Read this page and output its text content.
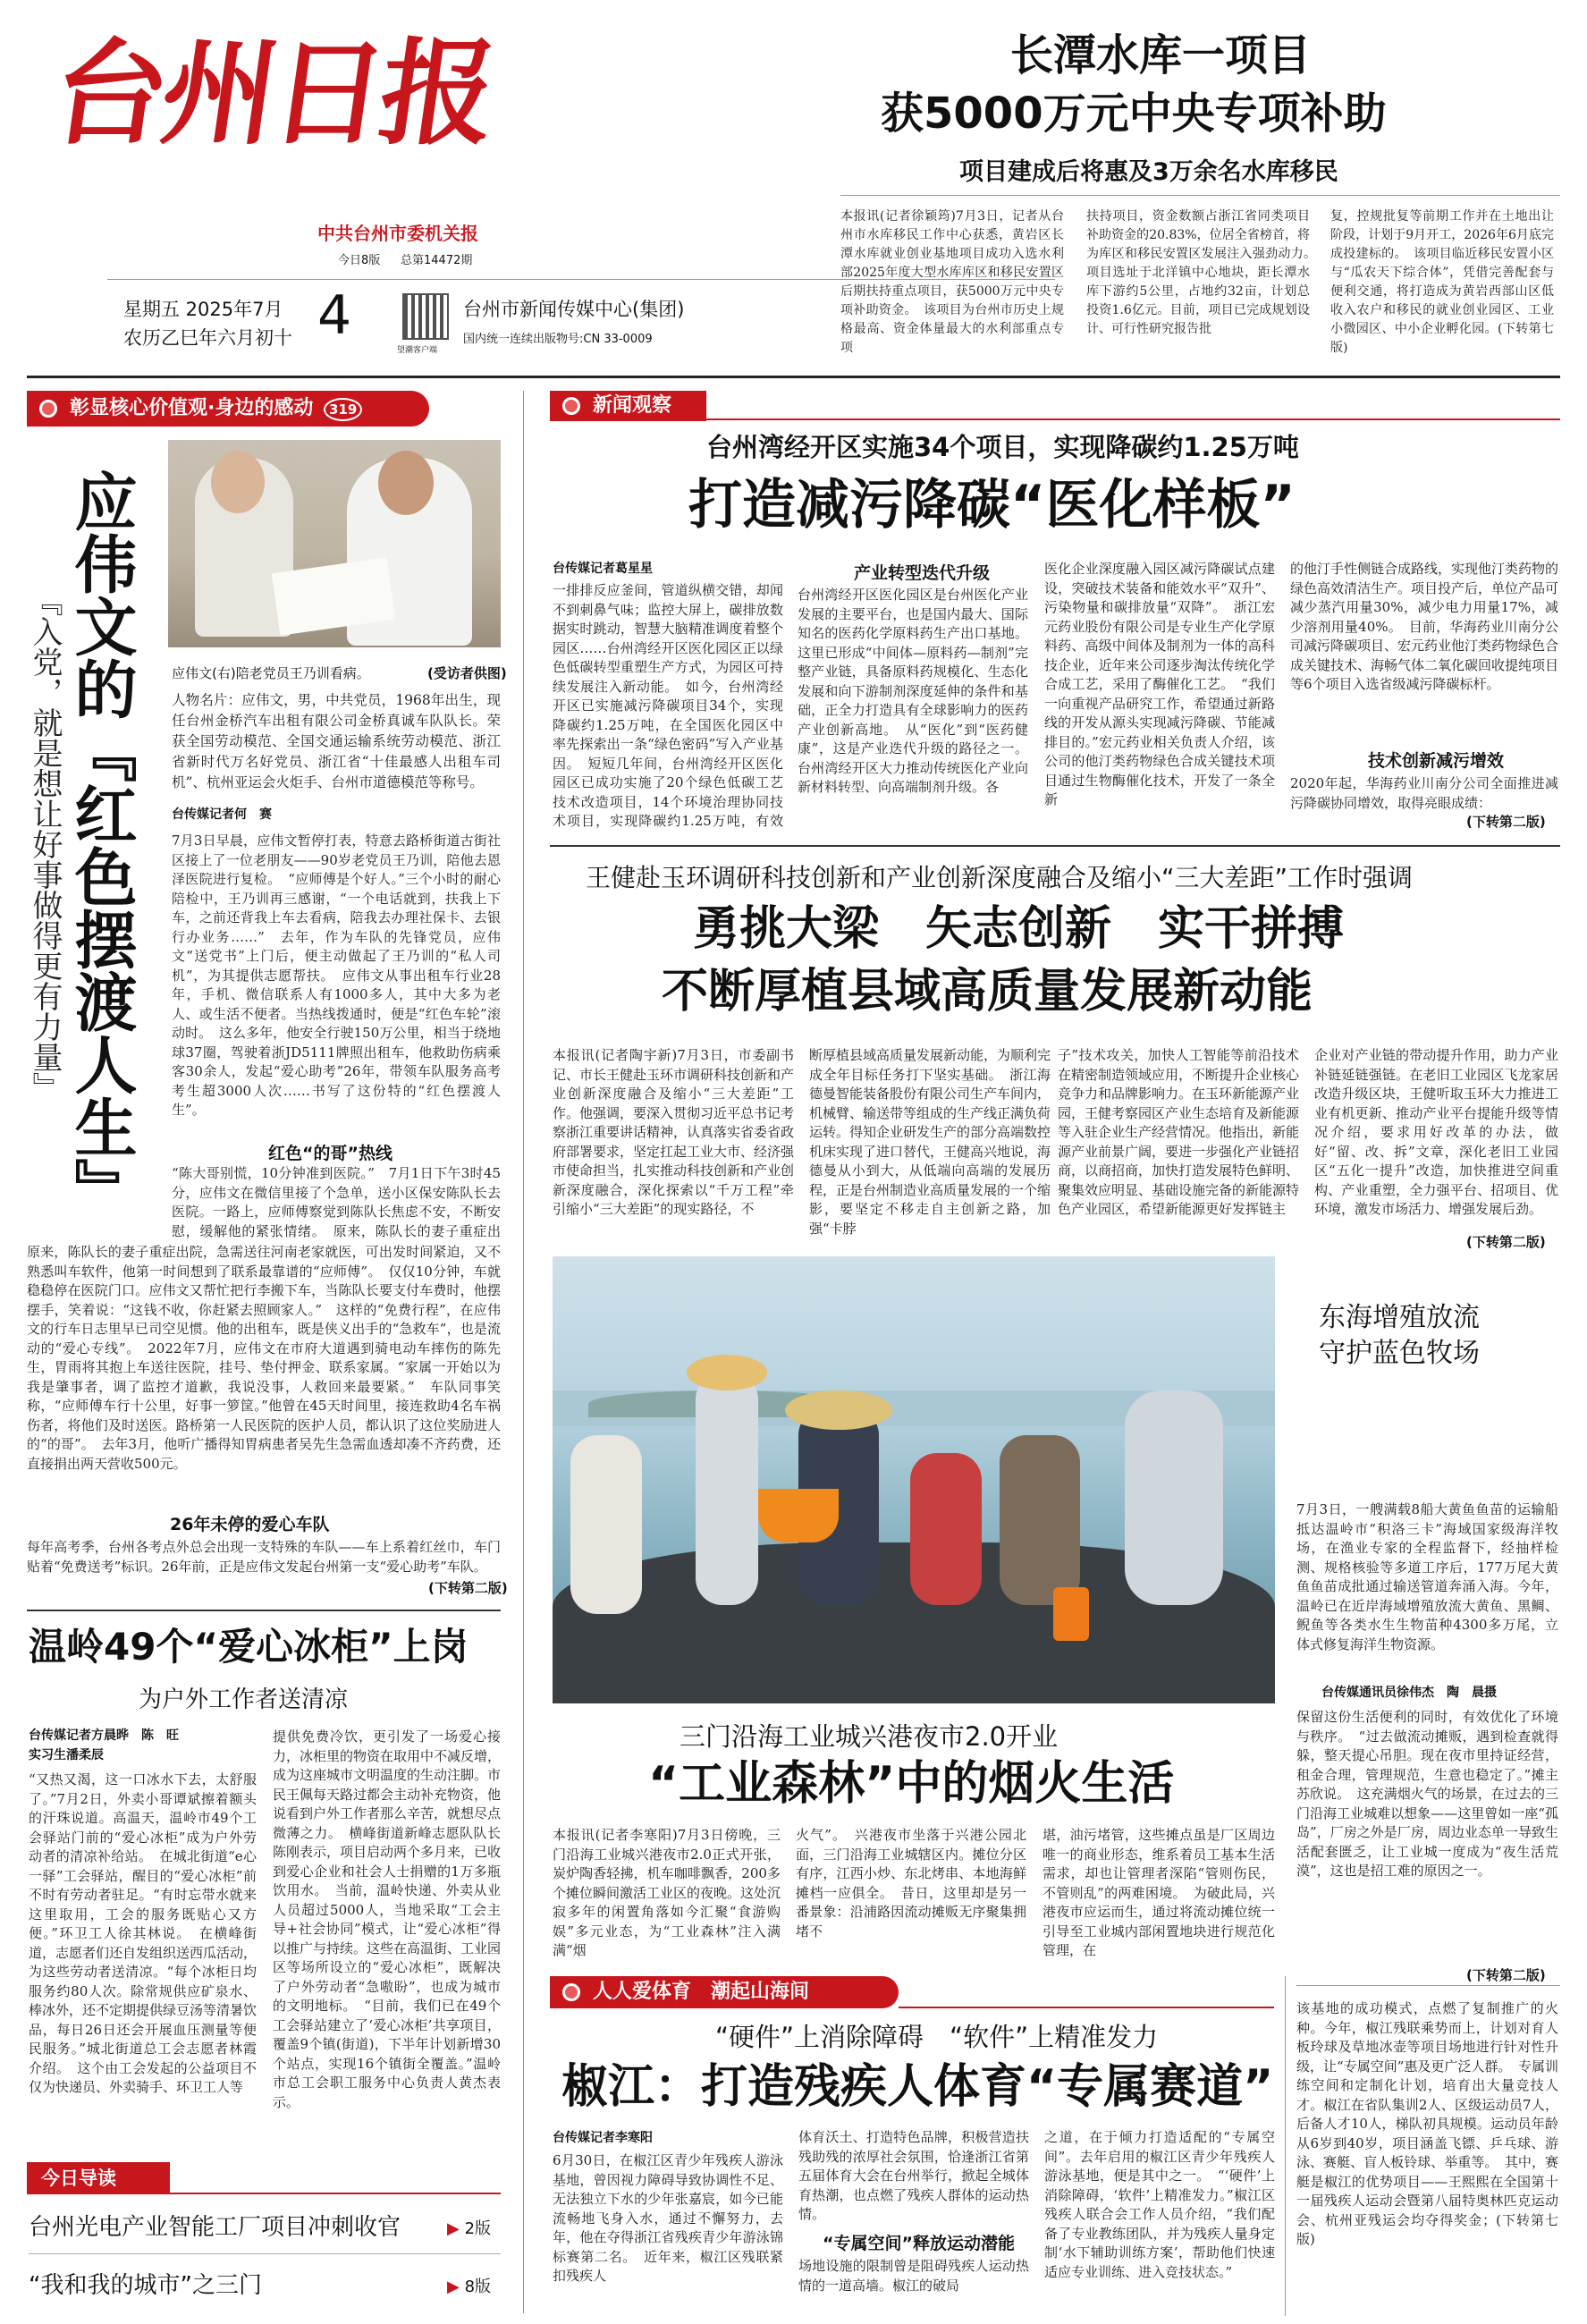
台州日报
中共台州市委机关报
今日8版 总第14472期
星期五 2025年7月
农历乙巳年六月初十 4
望潮客户端
台州市新闻传媒中心(集团)
国内统一连续出版物号:CN 33-0009
长潭水库一项目
获5000万元中央专项补助
项目建成后将惠及3万余名水库移民
本报讯(记者徐颖筠)7月3日，记者从台州市水库移民工作中心获悉，黄岩区长潭水库就业创业基地项目成功入选水利部2025年度大型水库库区和移民安置区后期扶持重点项目，获5000万元中央专项补助资金。　该项目为台州市历史上规格最高、资金体量最大的水利部重点专项
扶持项目，资金数额占浙江省同类项目补助资金的20.83%，位居全省榜首，将为库区和移民安置区发展注入强劲动力。　项目选址于北洋镇中心地块，距长潭水库下游约5公里，占地约32亩，计划总投资1.6亿元。目前，项目已完成规划设计、可行性研究报告批
复，控规批复等前期工作并在土地出让阶段，计划于9月开工，2026年6月底完成投建标的。　该项目临近移民安置小区与“瓜农天下综合体”，凭借完善配套与便利交通，将打造成为黄岩西部山区低收入农户和移民的就业创业园区、工业小微园区、中小企业孵化园。(下转第七版)
彰显核心价值观·身边的感动 319
应伟文的『红色摆渡人生』
『入党，就是想让好事做得更有力量』	应伟文(右)陪老党员王乃训看病。	(受访者供图)
人物名片：应伟文，男，中共党员，1968年出生，现任台州金桥汽车出租有限公司金桥真诚车队队长。荣获全国劳动模范、全国交通运输系统劳动模范、浙江省新时代万名好党员、浙江省“十佳最感人出租车司机”、杭州亚运会火炬手、台州市道德模范等称号。
台传媒记者何　赛
7月3日早晨，应伟文暂停打表，特意去路桥街道古街社区接上了一位老朋友——90岁老党员王乃训，陪他去恩泽医院进行复检。　“应师傅是个好人。”三个小时的耐心陪检中，王乃训再三感谢，“一个电话就到，扶我上下车，之前还背我上车去看病，陪我去办理社保卡、去银行办业务……”　去年，作为车队的先锋党员，应伟文“送党书”上门后，便主动做起了王乃训的“私人司机”，为其提供志愿帮扶。　应伟文从事出租车行业28年，手机、微信联系人有1000多人，其中大多为老人、或生活不便者。当热线拨通时，便是“红色车轮”滚动时。　这么多年，他安全行驶150万公里，相当于绕地球37圈，驾驶着浙JD5111牌照出租车，他救助伤病乘客30余人，发起“爱心助考”26年，带领车队服务高考考生超3000人次……书写了这份特的“红色摆渡人生”。
红色“的哥”热线
“陈大哥别慌，10分钟准到医院。”　7月1日下午3时45分，应伟文在微信里接了个急单，送小区保安陈队长去医院。一路上，应师傅察觉到陈队长焦虑不安，不断安慰，缓解他的紧张情绪。　原来，陈队长的妻子重症出　　　　　
原来，陈队长的妻子重症出院，急需送往河南老家就医，可出发时间紧迫，又不熟悉叫车软件，他第一时间想到了联系最靠谱的“应师傅”。　仅仅10分钟，车就稳稳停在医院门口。应伟文又帮忙把行李搬下车，当陈队长要支付车费时，他摆摆手，笑着说：“这钱不收，你赶紧去照顾家人。”　这样的“免费行程”，在应伟文的行车日志里早已司空见惯。他的出租车，既是侠义出手的“急救车”，也是流动的“爱心专线”。　2022年7月，应伟文在市府大道遇到骑电动车摔伤的陈先生，胃雨将其抱上车送往医院，挂号、垫付押金、联系家属。“家属一开始以为我是肇事者，调了监控才道歉，我说没事，人救回来最要紧。”　车队同事笑称，“应师傅车行十公里，好事一箩筐。”他曾在45天时间里，接连救助4名车祸伤者，将他们及时送医。路桥第一人民医院的医护人员，都认识了这位奖励进人的“的哥”。　去年3月，他听广播得知胃病患者吴先生急需血透却凑不齐药费，还直接捐出两天营收500元。
26年未停的爱心车队
每年高考季，台州各考点外总会出现一支特殊的车队——车上系着红丝巾，车门贴着“免费送考”标识。26年前，正是应伟文发起台州第一支“爱心助考”车队。
(下转第二版)
温岭49个“爱心冰柜”上岗
为户外工作者送清凉
台传媒记者方晨晔　陈　旺
实习生潘柔辰
“又热又渴，这一口冰水下去，太舒服了。”7月2日，外卖小哥谭斌擦着额头的汗珠说道。高温天，温岭市49个工会驿站门前的“爱心冰柜”成为户外劳动者的清凉补给站。　在城北街道“e心一驿”工会驿站，醒目的“爱心冰柜”前不时有劳动者驻足。“有时忘带水就来这里取用，工会的服务既贴心又方便。”环卫工人徐其林说。　在横峰街道，志愿者们还自发组织送西瓜活动，为这些劳动者送清凉。“每个冰柜日均服务约80人次。除常规供应矿泉水、棒冰外，还不定期提供绿豆汤等清暑饮品，每日26日还会开展血压测量等便民服务。”城北街道总工会志愿者林霞介绍。　这个由工会发起的公益项目不仅为快递员、外卖骑手、环卫工人等
提供免费冷饮，更引发了一场爱心接力，冰柜里的物资在取用中不减反增，成为这座城市文明温度的生动注脚。市民王佩每天路过都会主动补充物资，他说看到户外工作者那么辛苦，就想尽点微薄之力。　横峰街道新峰志愿队队长陈刚表示，项目启动两个多月来，已收到爱心企业和社会人士捐赠的1万多瓶饮用水。　当前，温岭快递、外卖从业人员超过5000人，当地采取“工会主导+社会协同”模式，让“爱心冰柜”得以推广与持续。这些在高温街、工业园区等场所设立的“爱心冰柜”，既解决了户外劳动者“急嗷盼”，也成为城市的文明地标。　“目前，我们已在49个工会驿站建立了‘爱心冰柜’共享项目，覆盖9个镇(街道)，下半年计划新增30个站点，实现16个镇街全覆盖。”温岭市总工会职工服务中心负责人黄杰表示。
今日导读
台州光电产业智能工厂项目冲刺收官	▶ 2版
“我和我的城市”之三门	▶ 8版
新闻观察
台州湾经开区实施34个项目，实现降碳约1.25万吨
打造减污降碳“医化样板”
台传媒记者葛星星
一排排反应釜间，管道纵横交错，却闻不到刺鼻气味；监控大屏上，碳排放数据实时跳动，智慧大脑精准调度着整个园区……台州湾经开区医化园区正以绿色低碳转型重塑生产方式，为园区可持续发展注入新动能。　如今，台州湾经开区已实施减污降碳项目34个，实现降碳约1.25万吨，在全国医化园区中率先探索出一条“绿色密码”写入产业基因。　短短几年间，台州湾经开区医化园区已成功实施了20个绿色低碳工艺技术改造项目，14个环境治理协同技术项目，实现降碳约1.25万吨，有效
产业转型迭代升级
台州湾经开区医化园区是台州医化产业发展的主要平台，也是国内最大、国际知名的医药化学原料药生产出口基地。这里已形成“中间体—原料药—制剂”完整产业链，具备原料药规模化、生态化发展和向下游制剂深度延伸的条件和基础，正全力打造具有全球影响力的医药产业创新高地。　从“医化”到“医药健康”，这是产业迭代升级的路径之一。台州湾经开区大力推动传统医化产业向新材料转型、向高端制剂升级。各
医化企业深度融入园区减污降碳试点建设，突破技术装备和能效水平“双升”、污染物量和碳排放量“双降”。　浙江宏元药业股份有限公司是专业生产化学原料药、高级中间体及制剂为一体的高科技企业，近年来公司逐步淘汰传统化学合成工艺，采用了酶催化工艺。　“我们一向重视产品研究工作，希望通过新路线的开发从源头实现减污降碳、节能减排目的。”宏元药业相关负责人介绍，该公司的他汀类药物绿色合成关键技术项目通过生物酶催化技术，开发了一条全新
的他汀手性侧链合成路线，实现他汀类药物的绿色高效清洁生产。项目投产后，单位产品可减少蒸汽用量30%，减少电力用量17%，减少溶剂用量40%。　目前，华海药业川南分公司减污降碳项目、宏元药业他汀类药物绿色合成关键技术、海畅气体二氧化碳回收提纯项目等6个项目入选省级减污降碳标杆。
技术创新减污增效
2020年起，华海药业川南分公司全面推进减污降碳协同增效，取得亮眼成绩：
(下转第二版)
王健赴玉环调研科技创新和产业创新深度融合及缩小“三大差距”工作时强调
勇挑大梁　矢志创新　实干拼搏
不断厚植县域高质量发展新动能
本报讯(记者陶宇新)7月3日，市委副书记、市长王健赴玉环市调研科技创新和产业创新深度融合及缩小“三大差距”工作。他强调，要深入贯彻习近平总书记考察浙江重要讲话精神，认真落实省委省政府部署要求，坚定扛起工业大市、经济强市使命担当，扎实推动科技创新和产业创新深度融合，深化探索以“千万工程”牵引缩小“三大差距”的现实路径，不
断厚植县域高质量发展新动能，为顺利完成全年目标任务打下坚实基础。　浙江海德曼智能装备股份有限公司生产车间内，机械臂、输送带等组成的生产线正满负荷运转。得知企业研发生产的部分高端数控机床实现了进口替代，王健高兴地说，海德曼从小到大，从低端向高端的发展历程，正是台州制造业高质量发展的一个缩影，要坚定不移走自主创新之路，加强“卡脖
子”技术攻关，加快人工智能等前沿技术在精密制造领域应用，不断提升企业核心竞争力和品牌影响力。在玉环新能源产业园，王健考察园区产业生态培育及新能源等入驻企业生产经营情况。他指出，新能源产业前景广阔，要进一步强化产业链招商，以商招商，加快打造发展特色鲜明、聚集效应明显、基础设施完备的新能源特色产业园区，希望新能源更好发挥链主
企业对产业链的带动提升作用，助力产业补链延链强链。在老旧工业园区飞龙家居改造升级区块，王健听取玉环大力推进工业有机更新、推动产业平台提能升级等情况介绍，要求用好改革的办法，做好“留、改、拆”文章，深化老旧工业园区“五化一提升”改造，加快推进空间重构、产业重塑，全力强平台、招项目、优环境，激发市场活力、增强发展后劲。
(下转第二版)
东海增殖放流
守护蓝色牧场
7月3日，一艘满载8船大黄鱼鱼苗的运输船抵达温岭市“积洛三卡”海域国家级海洋牧场，在渔业专家的全程监督下，经抽样检测、规格核验等多道工序后，177万尾大黄鱼鱼苗成批通过输送管道奔涌入海。今年，温岭已在近岸海域增殖放流大黄鱼、黑鲷、鲵鱼等各类水生生物苗种4300多万尾，立体式修复海洋生物资源。
台传媒通讯员徐伟杰　陶　晨摄
三门沿海工业城兴港夜市2.0开业
“工业森林”中的烟火生活
本报讯(记者李寒阳)7月3日傍晚，三门沿海工业城兴港夜市2.0正式开张，炭炉陶香轻拂，机车咖啡飘香，200多个摊位瞬间激活工业区的夜晚。这处沉寂多年的闲置角落如今汇聚“食游购娱”多元业态，为“工业森林”注入满满“烟
火气”。　兴港夜市坐落于兴港公园北面，三门沿海工业城辖区内。摊位分区有序，江西小炒、东北烤串、本地海鲜摊档一应俱全。　昔日，这里却是另一番景象：沿浦路因流动摊贩无序聚集拥堵不
堪，油污堵管，这些摊点虽是厂区周边唯一的商业形态，维系着员工基本生活需求，却也让管理者深陷“管则伤民，不管则乱”的两难困境。　为破此局，兴港夜市应运而生，通过将流动摊位统一引导至工业城内部闲置地块进行规范化管理，在
保留这份生活便利的同时，有效优化了环境与秩序。　“过去做流动摊贩，遇到检查就得躲，整天提心吊胆。现在夜市里持证经营，租金合理，管理规范，生意也稳定了。”摊主苏欣说。　这充满烟火气的场景，在过去的三门沿海工业城难以想象——这里曾如一座“孤岛”，厂房之外是厂房，周边业态单一导致生活配套匮乏，让工业城一度成为“夜生活荒漠”，这也是招工难的原因之一。
(下转第二版)
人人爱体育　潮起山海间
“硬件”上消除障碍　“软件”上精准发力
椒江：打造残疾人体育“专属赛道”
台传媒记者李寒阳
6月30日，在椒江区青少年残疾人游泳基地，曾因视力障碍导致协调性不足、无法独立下水的少年张嘉宸，如今已能流畅地飞身入水，通过不懈努力，去年，他在夺得浙江省残疾青少年游泳锦标赛第二名。　近年来，椒江区残联紧扣残疾人
体育沃土、打造特色品牌，积极营造扶残助残的浓厚社会氛围，恰逢浙江省第五届体育大会在台州举行，掀起全城体育热潮，也点燃了残疾人群体的运动热情。
“专属空间”释放运动潜能
场地设施的限制曾是阻碍残疾人运动热情的一道高墙。椒江的破局
之道，在于倾力打造适配的“专属空间”。去年启用的椒江区青少年残疾人游泳基地，便是其中之一。　“‘硬件’上消除障碍，‘软件’上精准发力。”椒江区残疾人联合会工作人员介绍，“我们配备了专业教练团队，并为残疾人量身定制‘水下辅助训练方案’，帮助他们快速适应专业训练、进入竞技状态。”
该基地的成功模式，点燃了复制推广的火种。今年，椒江残联乘势而上，计划对育人板玲球及草地冰壶等项目场地进行针对性升级，让“专属空间”惠及更广泛人群。　专属训练空间和定制化计划，培育出大量竞技人才。椒江在省队集训2人、区级运动员7人，后备人才10人，梯队初具规模。运动员年龄从6岁到40岁，项目涵盖飞镖、乒乓球、游泳、赛艇、盲人板铃球、举重等。　其中，赛艇是椒江的优势项目——王熙熙在全国第十一届残疾人运动会暨第八届特奥林匹克运动会、杭州亚残运会均夺得奖金；(下转第七版)
